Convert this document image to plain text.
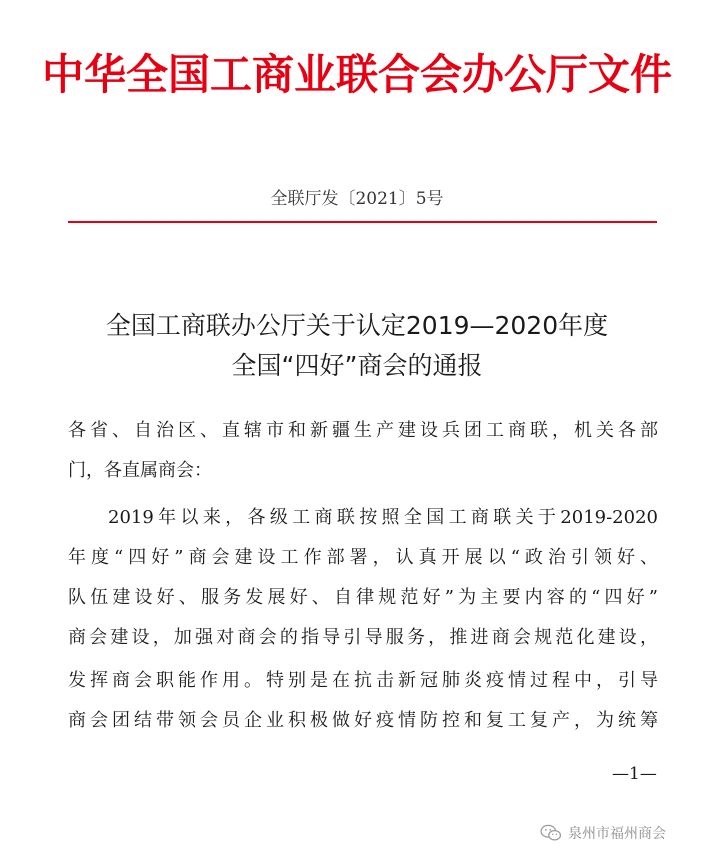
中华全国工商业联合会办公厅文件
全联厅发〔2021〕5号
全国工商联办公厅关于认定2019—2020年度
全国“四好”商会的通报
各省、自治区、直辖市和新疆生产建设兵团工商联，机关各部
门，各直属商会：
2019年以来，各级工商联按照全国工商联关于2019-2020
年度“四好”商会建设工作部署，认真开展以“政治引领好、
队伍建设好、服务发展好、自律规范好”为主要内容的“四好”
商会建设，加强对商会的指导引导服务，推进商会规范化建设，
发挥商会职能作用。特别是在抗击新冠肺炎疫情过程中，引导
商会团结带领会员企业积极做好疫情防控和复工复产，为统筹
—1—
泉州市福州商会
